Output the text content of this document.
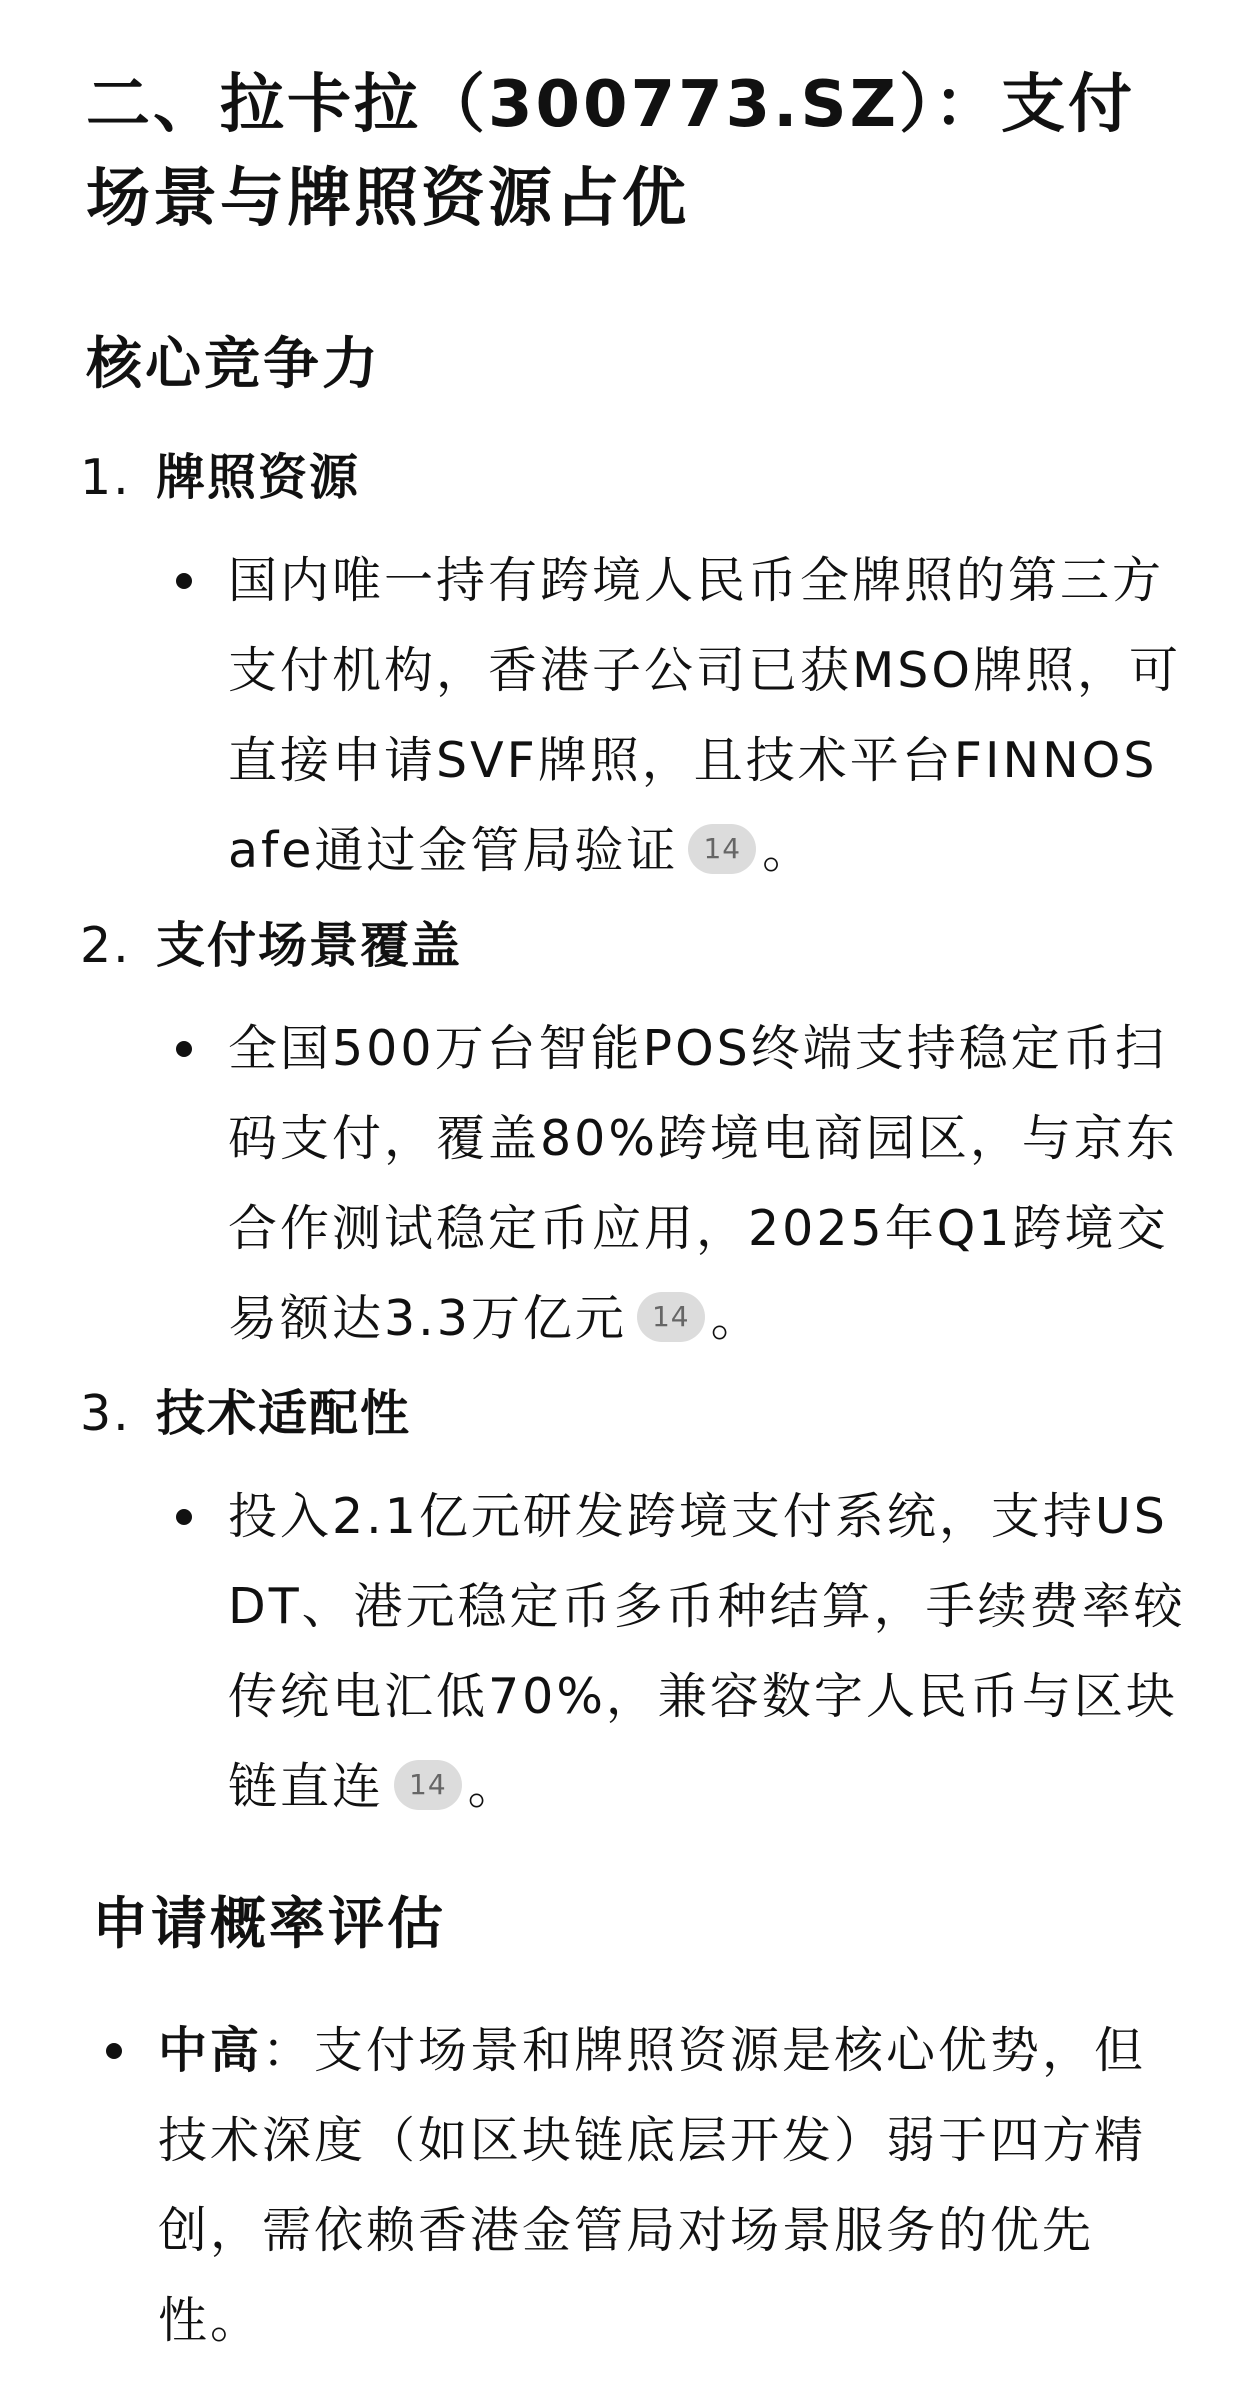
二、拉卡拉（300773.SZ）：支付场景与牌照资源占优
核心竞争力
1. 牌照资源
国内唯一持有跨境人民币全牌照的第三方支付机构，香港子公司已获MSO牌照，可直接申请SVF牌照，且技术平台FINNOSafe通过金管局验证 14 。
2. 支付场景覆盖
全国500万台智能POS终端支持稳定币扫码支付，覆盖80%跨境电商园区，与京东合作测试稳定币应用，2025年Q1跨境交易额达3.3万亿元 14 。
3. 技术适配性
投入2.1亿元研发跨境支付系统，支持USDT、港元稳定币多币种结算，手续费率较传统电汇低70%，兼容数字人民币与区块链直连 14 。
申请概率评估
中高：支付场景和牌照资源是核心优势，但技术深度（如区块链底层开发）弱于四方精创，需依赖香港金管局对场景服务的优先性。
